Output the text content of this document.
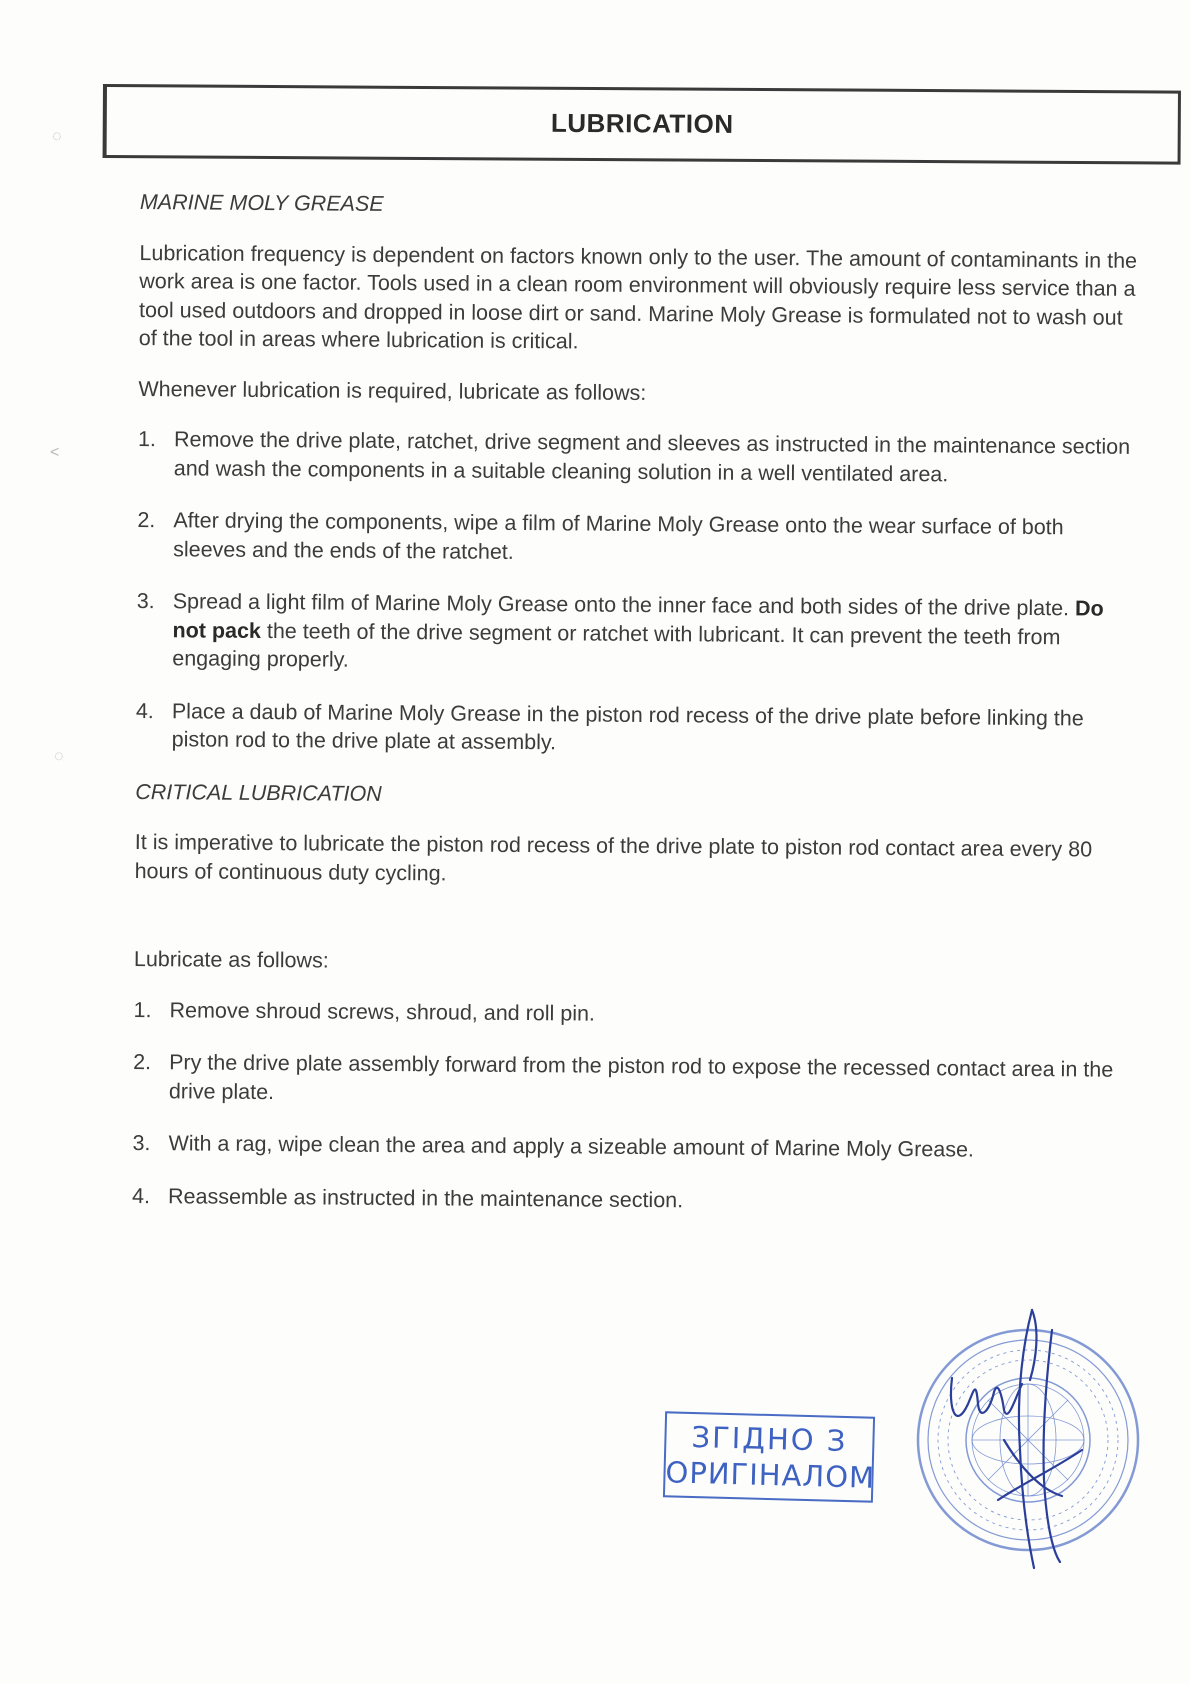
◌
<
◌
LUBRICATION
MARINE MOLY GREASE

Lubrication frequency is dependent on factors known only to the user. The amount of contaminants in the work area is one factor. Tools used in a clean room environment will obviously require less service than a tool used outdoors and dropped in loose dirt or sand. Marine Moly Grease is formulated not to wash out of the tool in areas where lubrication is critical.

Whenever lubrication is required, lubricate as follows:

1. Remove the drive plate, ratchet, drive segment and sleeves as instructed in the maintenance section and wash the components in a suitable cleaning solution in a well ventilated area.
2. After drying the components, wipe a film of Marine Moly Grease onto the wear surface of both sleeves and the ends of the ratchet.
3. Spread a light film of Marine Moly Grease onto the inner face and both sides of the drive plate. Do not pack the teeth of the drive segment or ratchet with lubricant. It can prevent the teeth from engaging properly.
4. Place a daub of Marine Moly Grease in the piston rod recess of the drive plate before linking the piston rod to the drive plate at assembly.
CRITICAL LUBRICATION

It is imperative to lubricate the piston rod recess of the drive plate to piston rod contact area every 80 hours of continuous duty cycling.

Lubricate as follows:

1. Remove shroud screws, shroud, and roll pin.
2. Pry the drive plate assembly forward from the piston rod to expose the recessed contact area in the drive plate.
3. With a rag, wipe clean the area and apply a sizeable amount of Marine Moly Grease.
4. Reassemble as instructed in the maintenance section.
ЗГІДНО З
ОРИГІНАЛОМ
